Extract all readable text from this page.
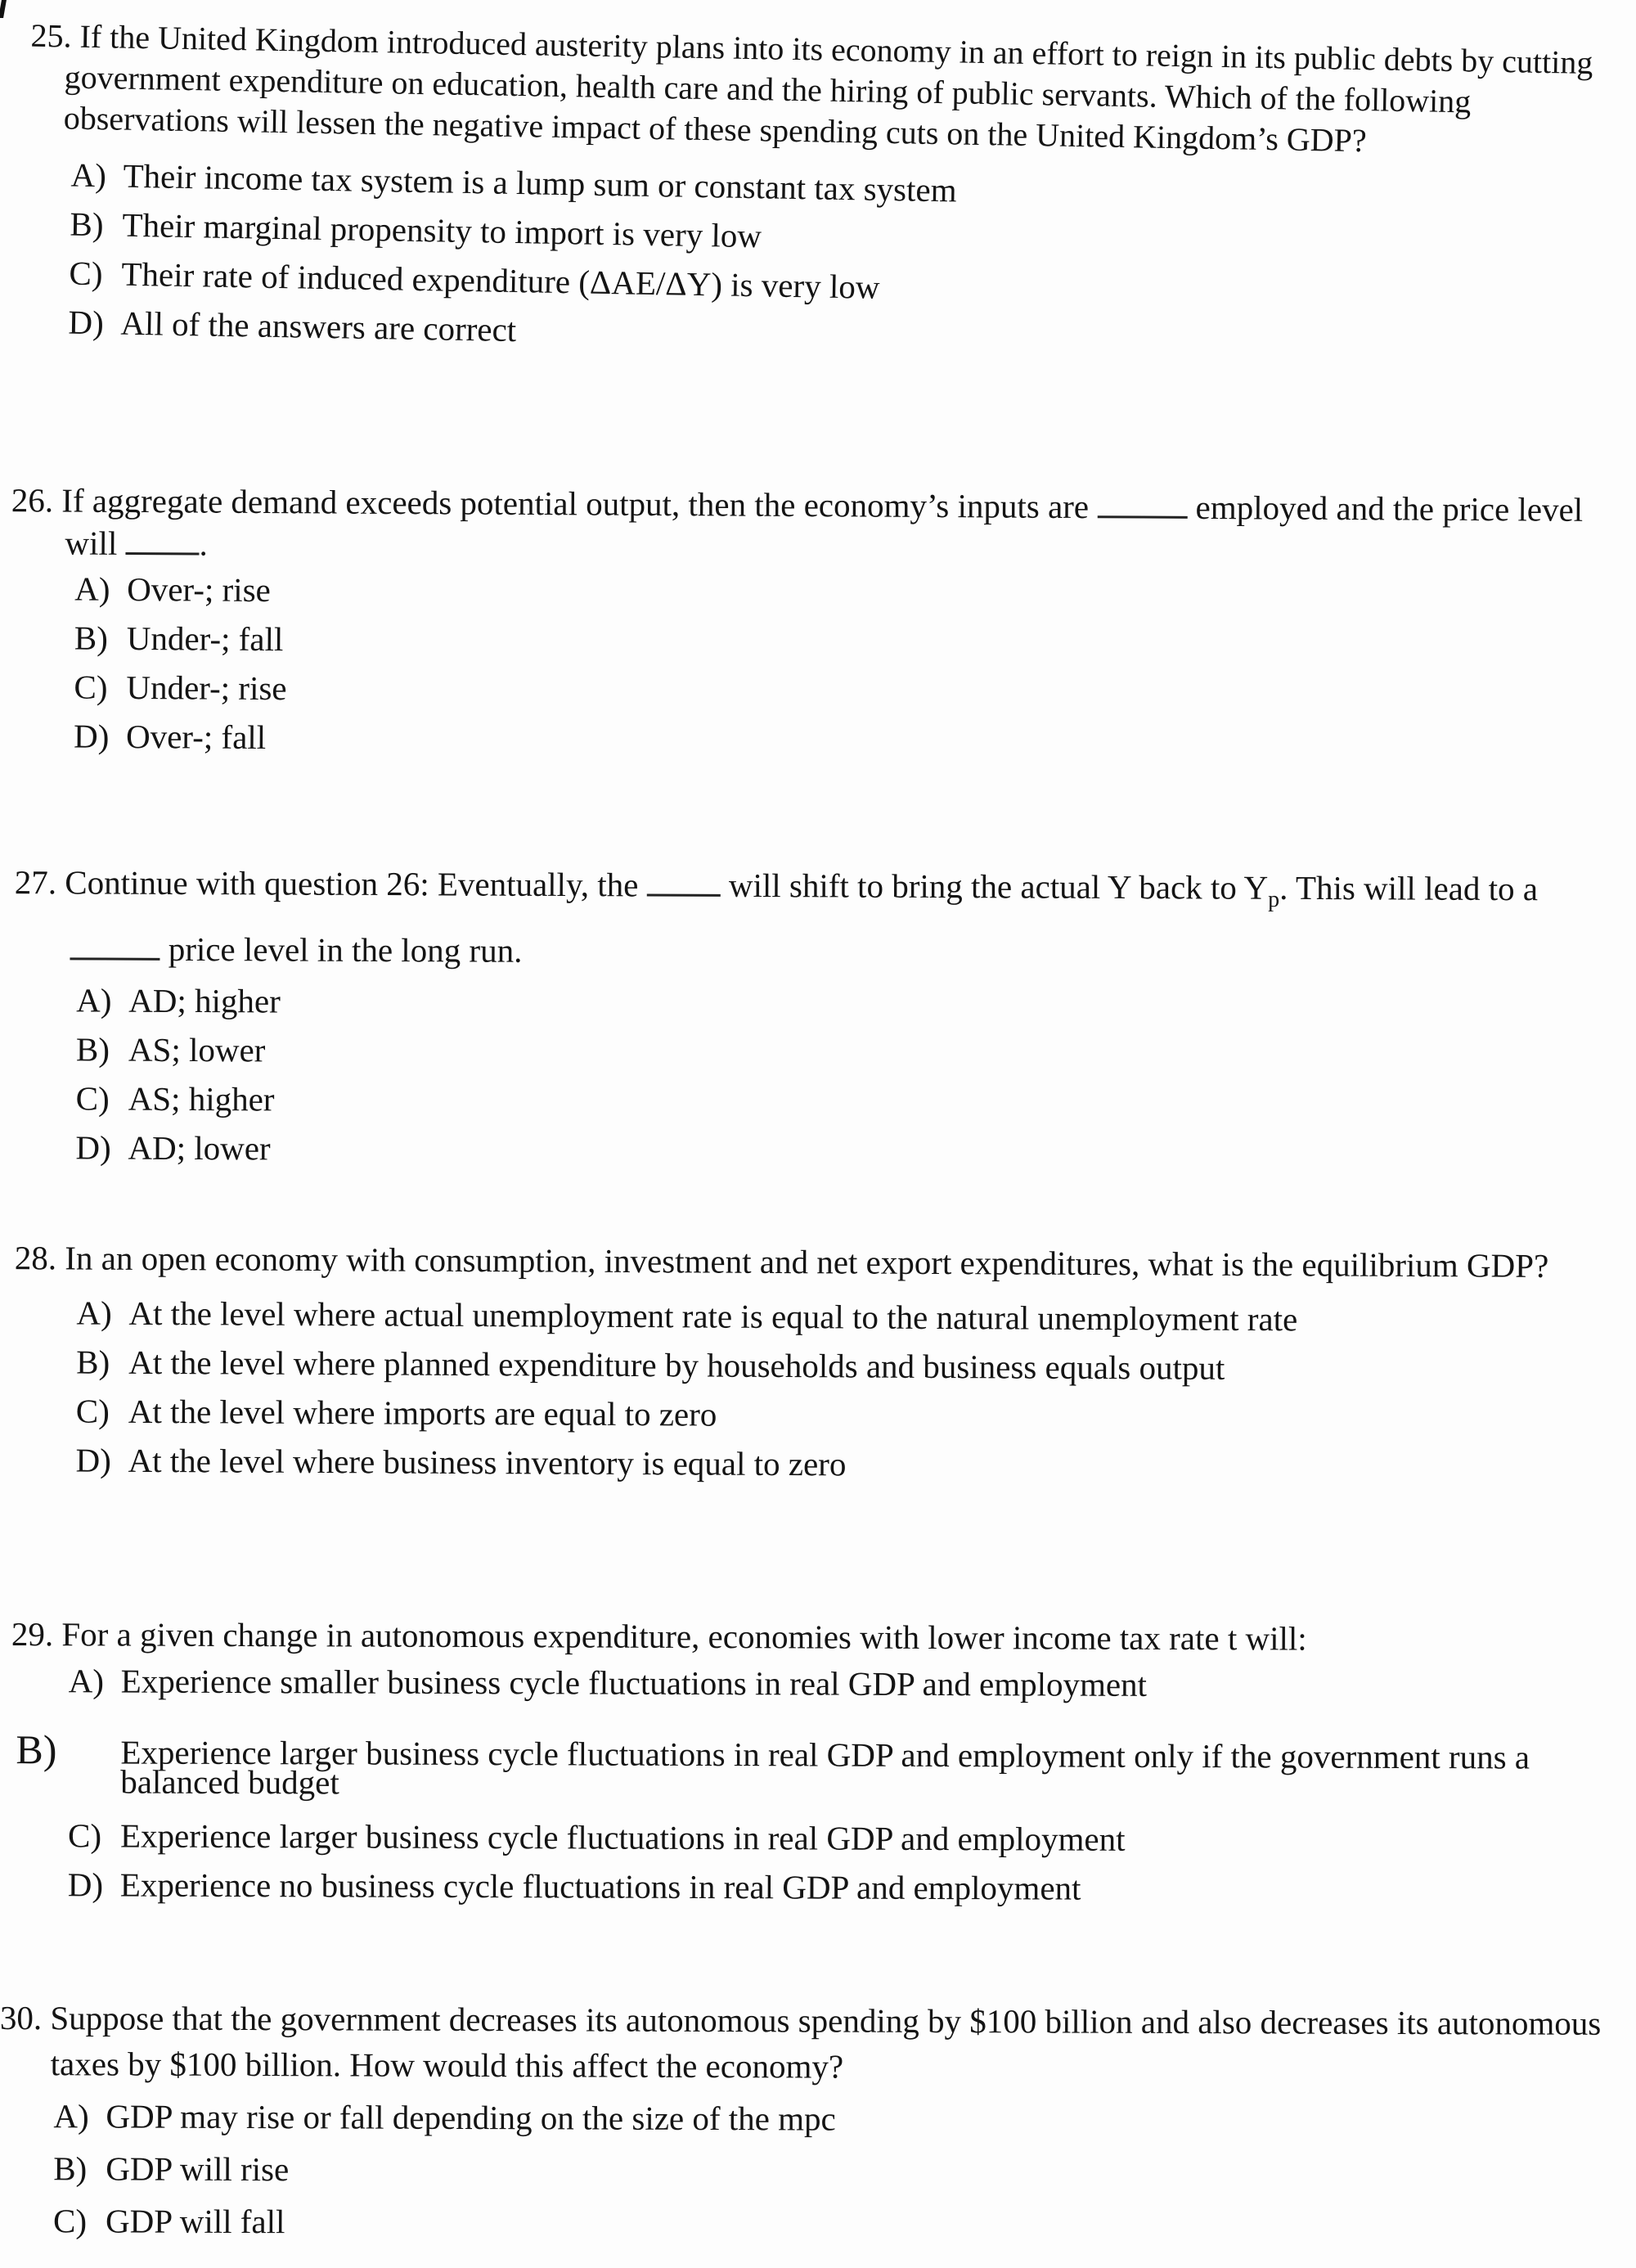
25. If the United Kingdom introduced austerity plans into its economy in an effort to reign in its public debts by cutting government expenditure on education, health care and the hiring of public servants. Which of the following observations will lessen the negative impact of these spending cuts on the United Kingdom’s GDP?
A) Their income tax system is a lump sum or constant tax system
B) Their marginal propensity to import is very low
C) Their rate of induced expenditure (ΔAE/ΔY) is very low
D) All of the answers are correct
26. If aggregate demand exceeds potential output, then the economy’s inputs are	employed and the price level will .
A) Over-; rise
B) Under-; fall
C) Under-; rise
D) Over-; fall
27. Continue with question 26: Eventually, the	will shift to bring the actual Y back to $Y_p$. This will lead to a  price level in the long run.
A) AD; higher
B) AS; lower
C) AS; higher
D) AD; lower
28. In an open economy with consumption, investment and net export expenditures, what is the equilibrium GDP?
A) At the level where actual unemployment rate is equal to the natural unemployment rate
B) At the level where planned expenditure by households and business equals output
C) At the level where imports are equal to zero
D) At the level where business inventory is equal to zero
29. For a given change in autonomous expenditure, economies with lower income tax rate t will:
A) Experience smaller business cycle fluctuations in real GDP and employment
B) Experience larger business cycle fluctuations in real GDP and employment only if the government runs a balanced budget
C) Experience larger business cycle fluctuations in real GDP and employment
D) Experience no business cycle fluctuations in real GDP and employment
30. Suppose that the government decreases its autonomous spending by $100 billion and also decreases its autonomous taxes by $100 billion. How would this affect the economy?
A) GDP may rise or fall depending on the size of the mpc
B) GDP will rise
C) GDP will fall
